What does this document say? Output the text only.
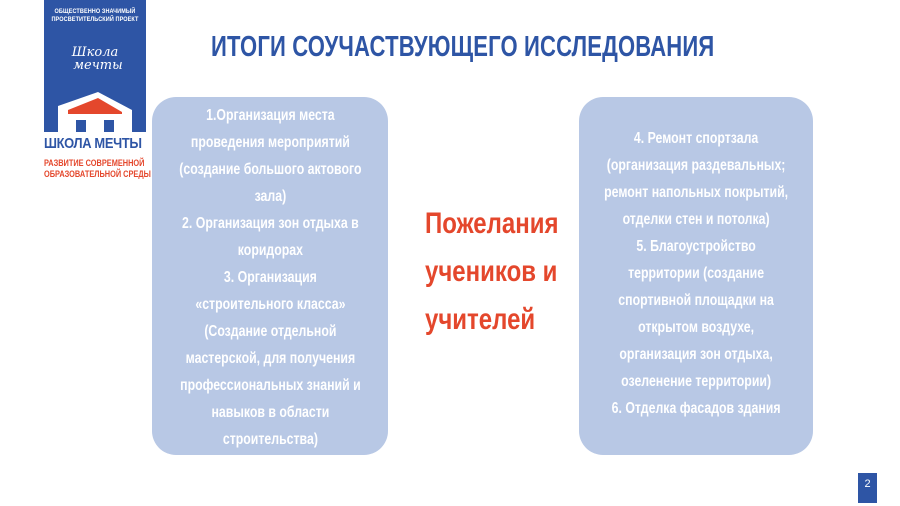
ОБЩЕСТВЕННО ЗНАЧИМЫЙ
ПРОСВЕТИТЕЛЬСКИЙ ПРОЕКТ
Школа
мечты
ШКОЛА МЕЧТЫ
РАЗВИТИЕ СОВРЕМЕННОЙ
ОБРАЗОВАТЕЛЬНОЙ СРЕДЫ
ИТОГИ СОУЧАСТВУЮЩЕГО ИССЛЕДОВАНИЯ

1.Организация места

проведения мероприятий

(создание большого актового

зала)

2. Организация зон отдыха в

коридорах

3. Организация

«строительного класса»

(Создание отдельной

мастерской, для получения

профессиональных знаний и

навыков в области

строительства)

Пожелания
учеников и
учителей

4. Ремонт спортзала

(организация раздевальных;

ремонт напольных покрытий,

отделки стен и потолка)

5. Благоустройство

территории (создание

спортивной площадки на

открытом воздухе,

организация зон отдыха,

озеленение территории)

6. Отделка фасадов здания

2
